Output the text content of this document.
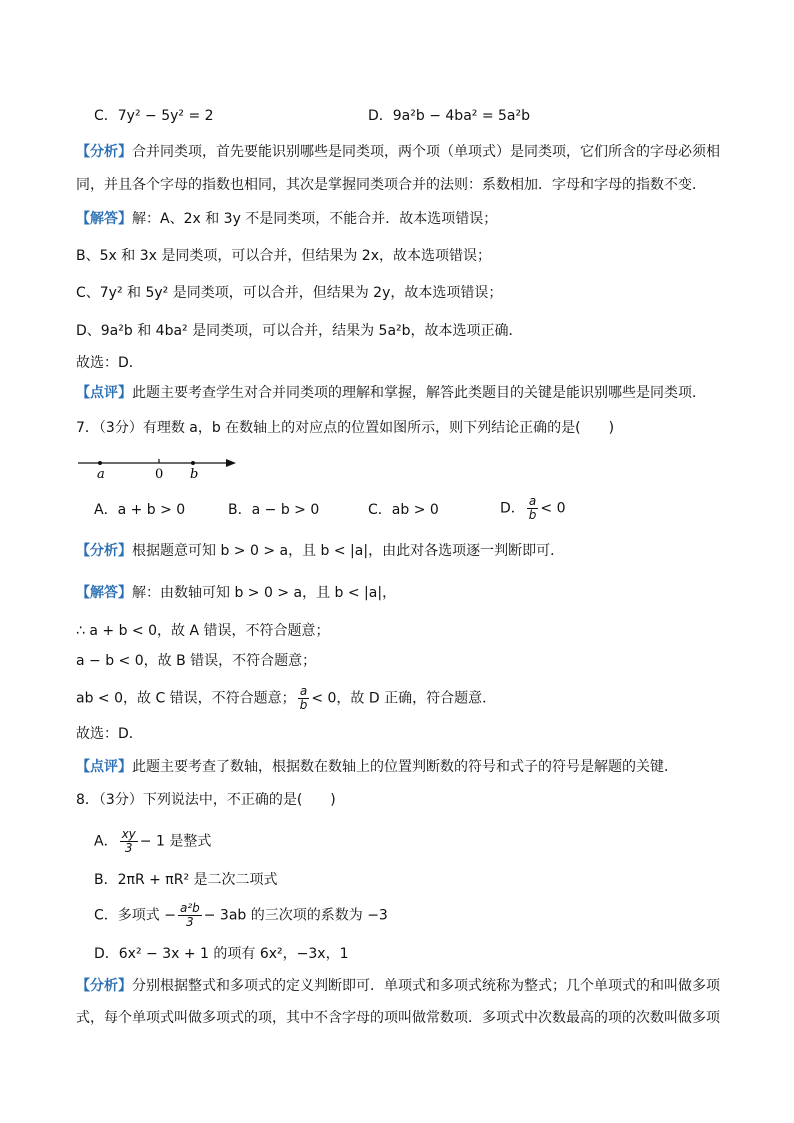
C．7y² − 5y² = 2	D．9a²b − 4ba² = 5a²b
【分析】合并同类项，首先要能识别哪些是同类项，两个项（单项式）是同类项，它们所含的字母必须相
同，并且各个字母的指数也相同，其次是掌握同类项合并的法则：系数相加．字母和字母的指数不变．
【解答】解：A、2x 和 3y 不是同类项，不能合并．故本选项错误；
B、5x 和 3x 是同类项，可以合并，但结果为 2x，故本选项错误；
C、7y² 和 5y² 是同类项，可以合并，但结果为 2y，故本选项错误；
D、9a²b 和 4ba² 是同类项，可以合并，结果为 5a²b，故本选项正确．
故选：D．
【点评】此题主要考查学生对合并同类项的理解和掌握，解答此类题目的关键是能识别哪些是同类项．
7．（3分）有理数 a，b 在数轴上的对应点的位置如图所示，则下列结论正确的是(　　)
a	0 b
A．a + b > 0	B．a − b > 0	C．ab > 0	D． $\frac{a}{b} < 0$
【分析】根据题意可知 b > 0 > a，且 b < |a|，由此对各选项逐一判断即可．
【解答】解：由数轴可知 b > 0 > a，且 b < |a|，
∴ a + b < 0，故 A 错误，不符合题意；
a − b < 0，故 B 错误，不符合题意；
ab < 0，故 C 错误，不符合题意； $\frac{a}{b} < 0$，故 D 正确，符合题意．
故选：D．
【点评】此题主要考查了数轴，根据数在数轴上的位置判断数的符号和式子的符号是解题的关键．
8．（3分）下列说法中，不正确的是(　　)
A． $\frac{xy}{3} - 1$ 是整式
B．2πR + πR² 是二次二项式
C．多项式 − $\frac{\text{a²b}}{3} - 3ab$ 的三次项的系数为 −3
D．6x² − 3x + 1 的项有 6x²，−3x，1
【分析】分别根据整式和多项式的定义判断即可．单项式和多项式统称为整式；几个单项式的和叫做多项
式，每个单项式叫做多项式的项，其中不含字母的项叫做常数项．多项式中次数最高的项的次数叫做多项
